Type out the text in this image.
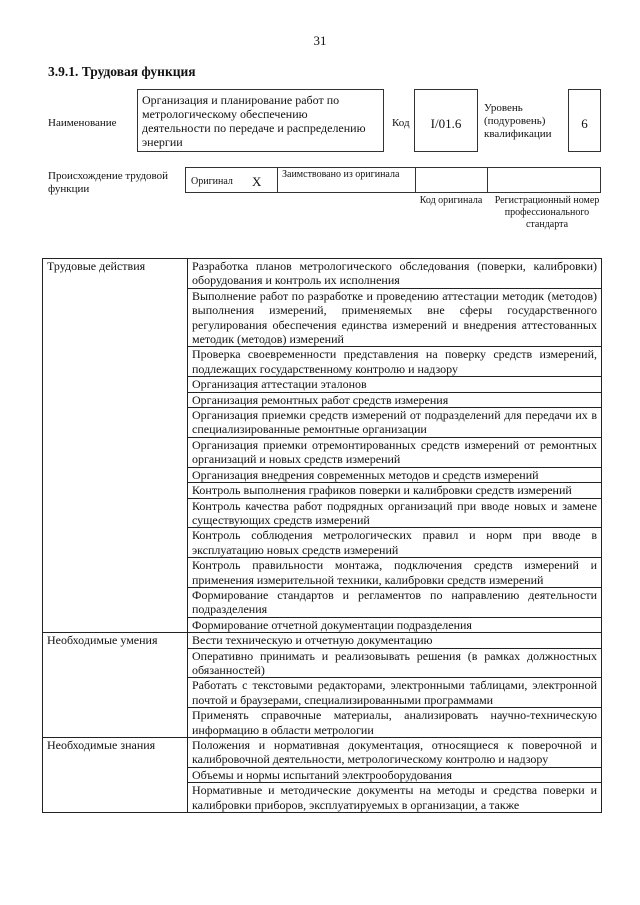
31
3.9.1. Трудовая функция
Наименование
Организация и планирование работ по метрологическому обеспечению деятельности по передаче и распределению энергии
Код	I/01.6
Уровень (подуровень) квалификации
6
Происхождение трудовой функции
Оригинал X Заимствовано из оригинала
Код оригинала	Регистрационный номер профессионального стандарта
Трудовые действия	Разработка планов метрологического обследования (поверки, калибровки) оборудования и контроль их исполнения
	Выполнение работ по разработке и проведению аттестации методик (методов) выполнения измерений, применяемых вне сферы государственного регулирования обеспечения единства измерений и внедрения аттестованных методик (методов) измерений
	Проверка своевременности представления на поверку средств измерений, подлежащих государственному контролю и надзору
	Организация аттестации эталонов
	Организация ремонтных работ средств измерения
	Организация приемки средств измерений от подразделений для передачи их в специализированные ремонтные организации
	Организация приемки отремонтированных средств измерений от ремонтных организаций и новых средств измерений
	Организация внедрения современных методов и средств измерений
	Контроль выполнения графиков поверки и калибровки средств измерений
	Контроль качества работ подрядных организаций при вводе новых и замене существующих средств измерений
	Контроль соблюдения метрологических правил и норм при вводе в эксплуатацию новых средств измерений
	Контроль правильности монтажа, подключения средств измерений и применения измерительной техники, калибровки средств измерений
	Формирование стандартов и регламентов по направлению деятельности подразделения
	Формирование отчетной документации подразделения
Необходимые умения	Вести техническую и отчетную документацию
	Оперативно принимать и реализовывать решения (в рамках должностных обязанностей)
	Работать с текстовыми редакторами, электронными таблицами, электронной почтой и браузерами, специализированными программами
	Применять справочные материалы, анализировать научно-техническую информацию в области метрологии
Необходимые знания	Положения и нормативная документация, относящиеся к поверочной и калибровочной деятельности, метрологическому контролю и надзору
	Объемы и нормы испытаний электрооборудования
	Нормативные и методические документы на методы и средства поверки и калибровки приборов, эксплуатируемых в организации, а также
